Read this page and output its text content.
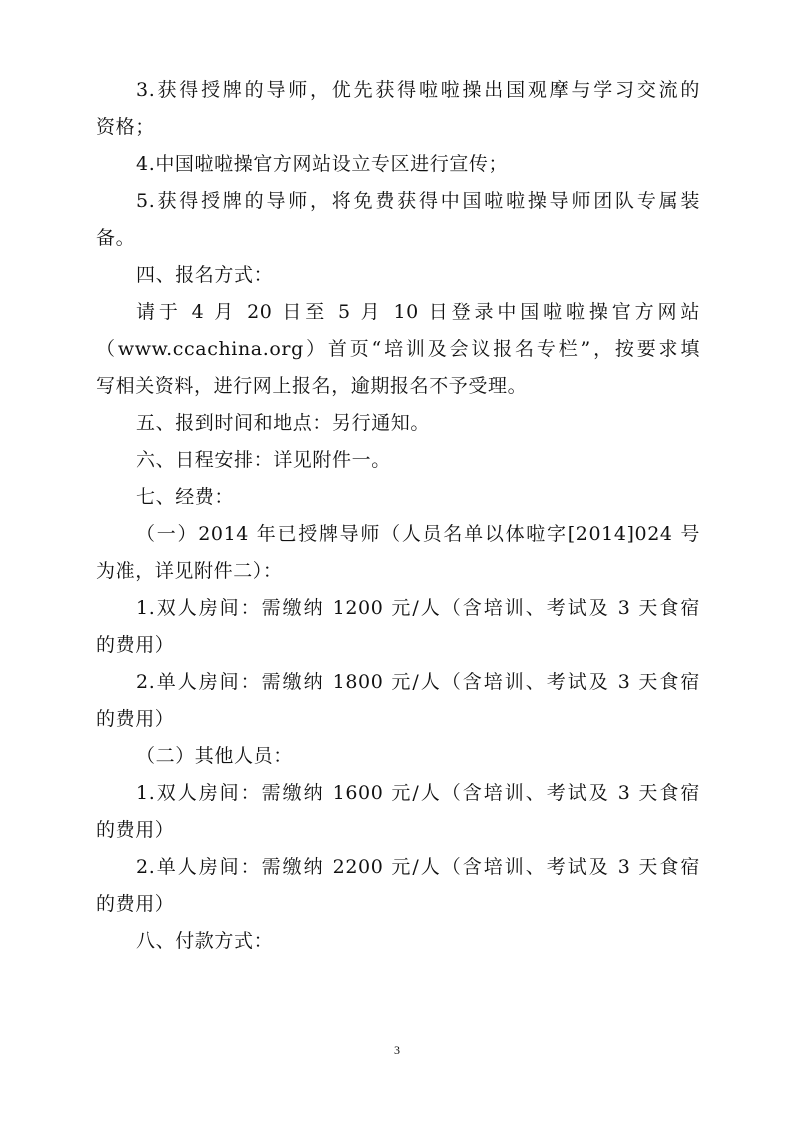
3.获得授牌的导师，优先获得啦啦操出国观摩与学习交流的
资格；
4.中国啦啦操官方网站设立专区进行宣传；
5.获得授牌的导师，将免费获得中国啦啦操导师团队专属装
备。
四、报名方式：
请于 4 月 20 日至 5 月 10 日登录中国啦啦操官方网站
（www.ccachina.org）首页“培训及会议报名专栏”，按要求填
写相关资料，进行网上报名，逾期报名不予受理。
五、报到时间和地点：另行通知。
六、日程安排：详见附件一。
七、经费：
（一）2014 年已授牌导师（人员名单以体啦字[2014]024 号
为准，详见附件二）：
1.双人房间：需缴纳 1200 元/人（含培训、考试及 3 天食宿
的费用）
2.单人房间：需缴纳 1800 元/人（含培训、考试及 3 天食宿
的费用）
（二）其他人员：
1.双人房间：需缴纳 1600 元/人（含培训、考试及 3 天食宿
的费用）
2.单人房间：需缴纳 2200 元/人（含培训、考试及 3 天食宿
的费用）
八、付款方式：
3
